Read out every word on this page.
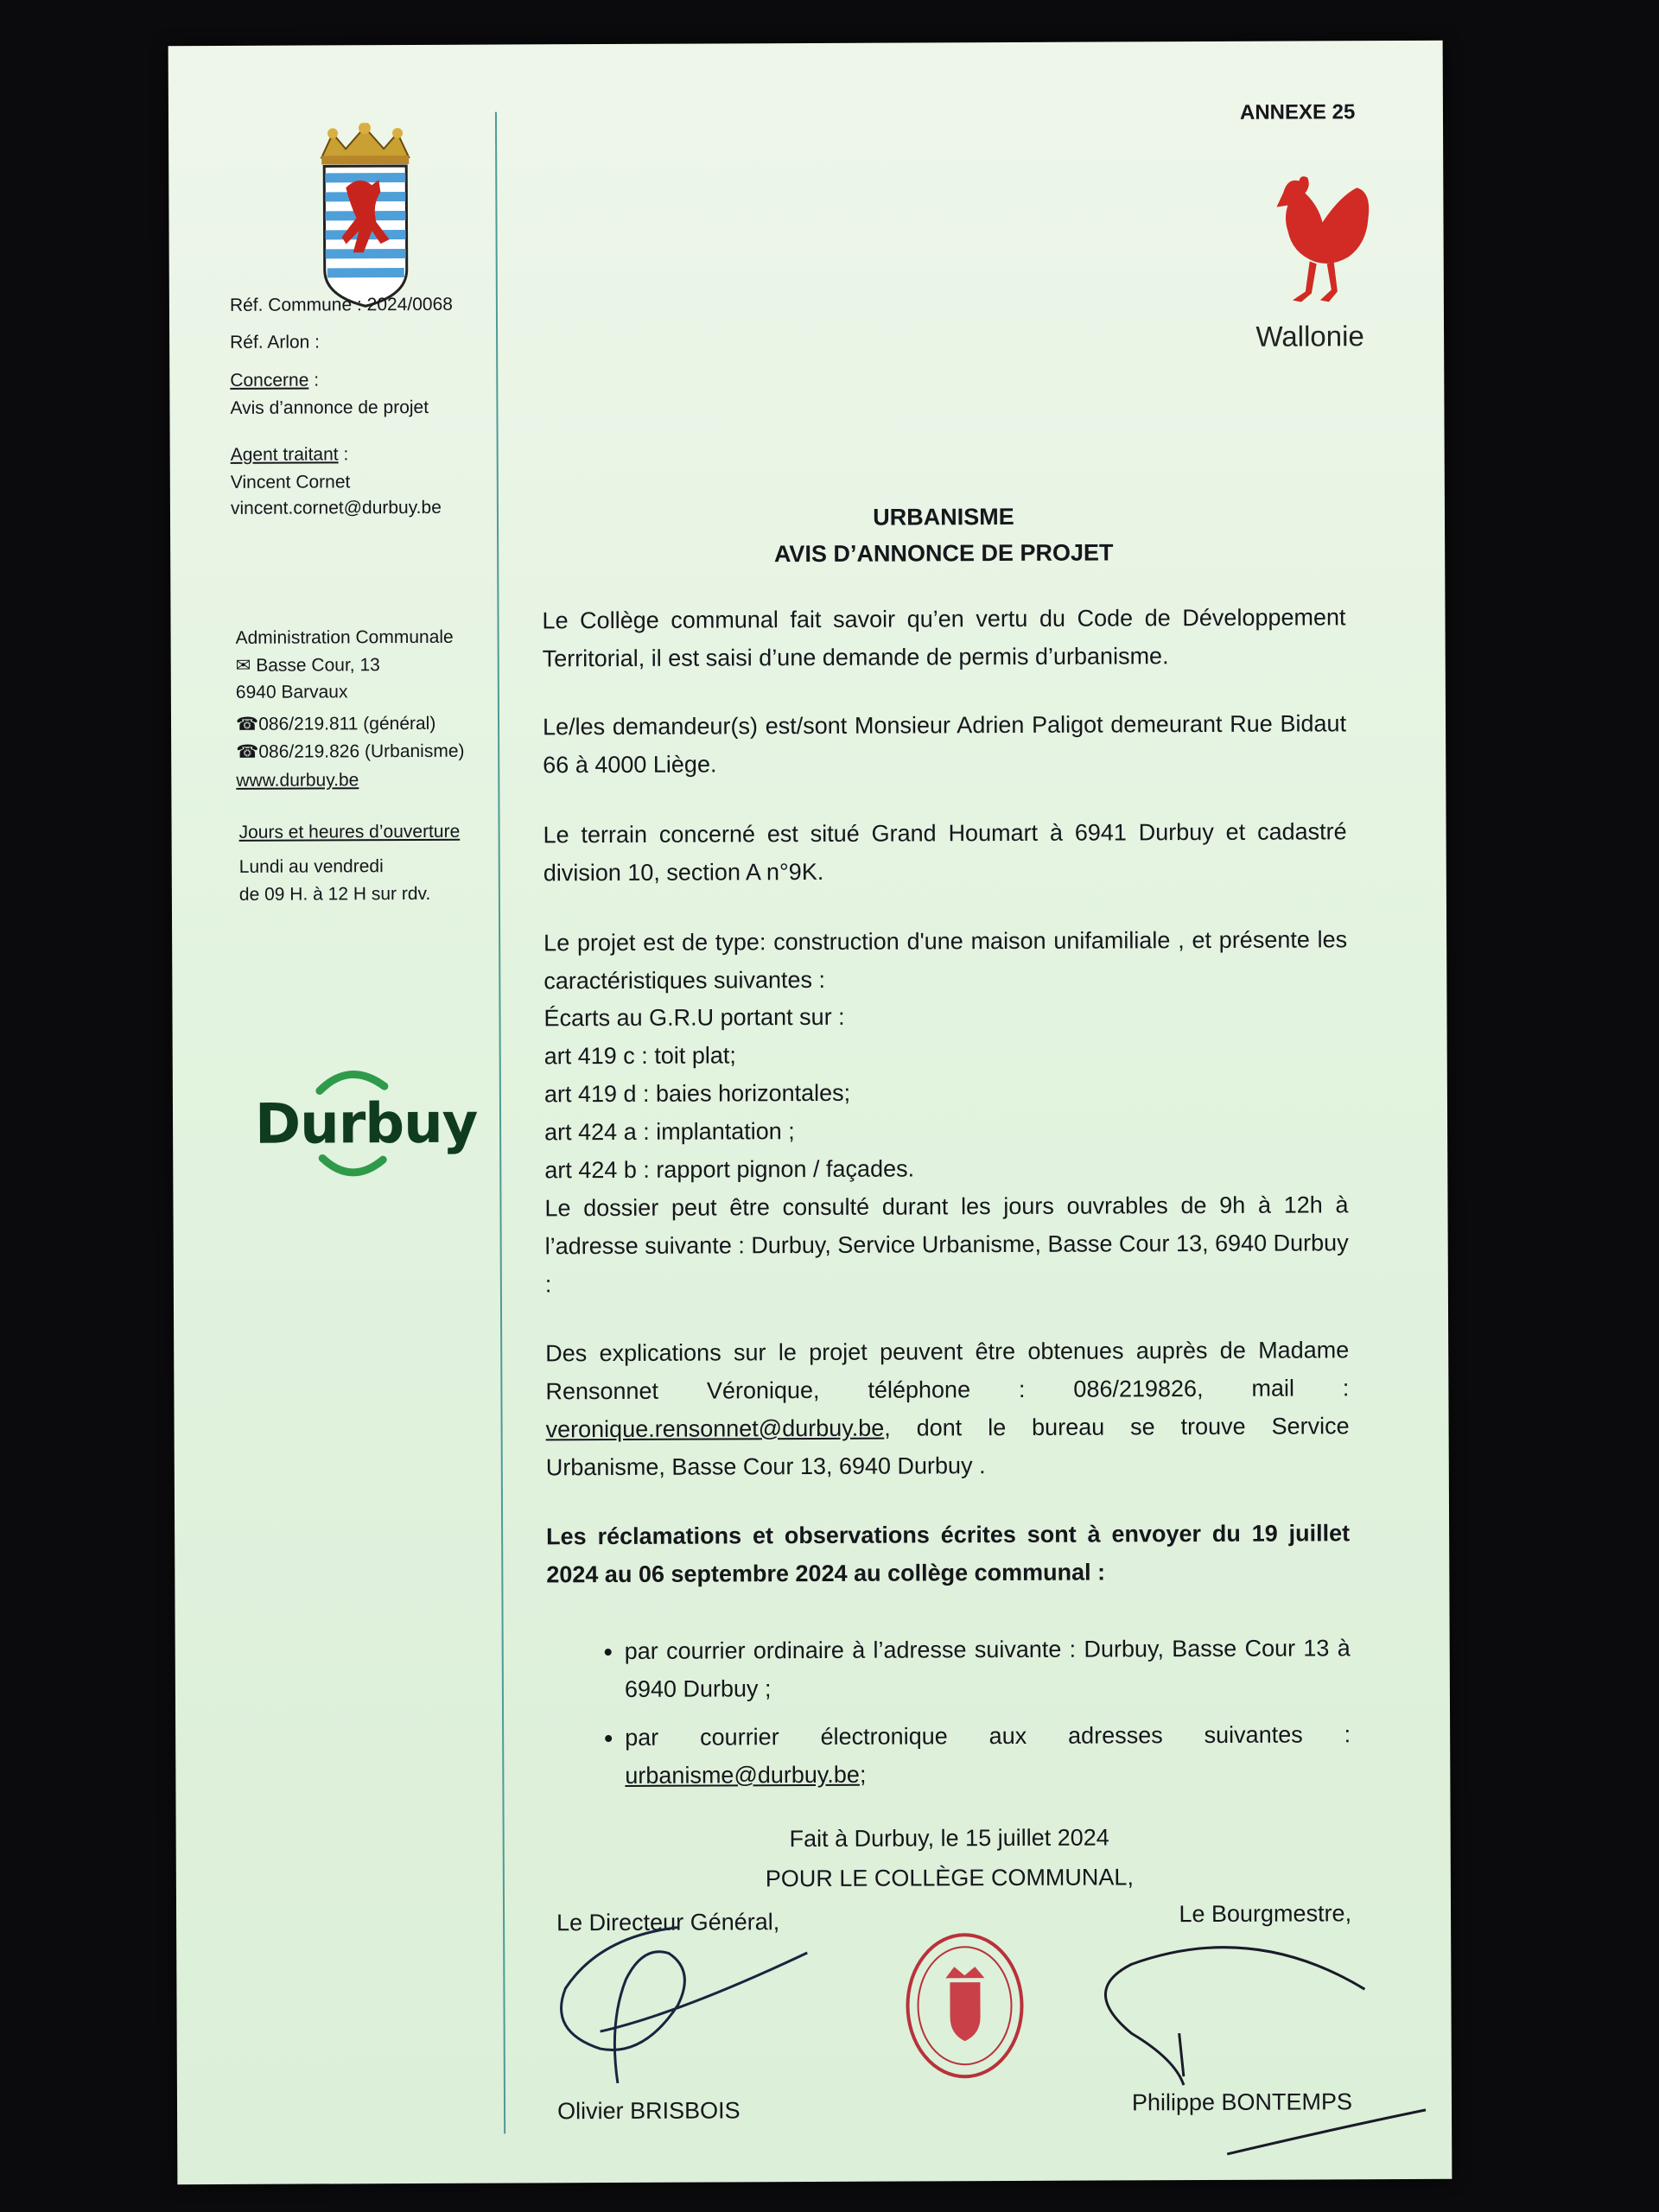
Réf. Commune : 2024/0068
Réf. Arlon :
Concerne :
Avis d’annonce de projet
Agent traitant :
Vincent Cornet
vincent.cornet@durbuy.be
Administration Communale
✉ Basse Cour, 13
6940 Barvaux
☎086/219.811 (général)
☎086/219.826 (Urbanisme)
www.durbuy.be
Jours et heures d’ouverture
Lundi au vendredi
de 09 H. à 12 H sur rdv.
Durbuy
ANNEXE 25
Wallonie
URBANISME
AVIS D’ANNONCE DE PROJET

Le Collège communal fait savoir qu’en vertu du Code de Développement Territorial, il est saisi d’une demande de permis d’urbanisme.

Le/les demandeur(s) est/sont Monsieur Adrien Paligot demeurant Rue Bidaut 66 à 4000 Liège.

Le terrain concerné est situé Grand Houmart à 6941 Durbuy et cadastré division 10, section A n°9K.

Le projet est de type: construction d'une maison unifamiliale , et présente les caractéristiques suivantes :

Écarts au G.R.U portant sur :
art 419 c : toit plat;
art 419 d : baies horizontales;
art 424 a : implantation ;
art 424 b : rapport pignon / façades.

Le dossier peut être consulté durant les jours ouvrables de 9h à 12h à l’adresse suivante : Durbuy, Service Urbanisme, Basse Cour 13, 6940 Durbuy :

Des explications sur le projet peuvent être obtenues auprès de Madame Rensonnet Véronique, téléphone : 086/219826, mail : veronique.rensonnet@durbuy.be, dont le bureau se trouve Service Urbanisme, Basse Cour 13, 6940 Durbuy .

Les réclamations et observations écrites sont à envoyer du 19 juillet 2024 au 06 septembre 2024 au collège communal :

• par courrier ordinaire à l’adresse suivante : Durbuy, Basse Cour 13 à 6940 Durbuy ;
• par courrier électronique aux adresses suivantes : urbanisme@durbuy.be;
Fait à Durbuy, le 15 juillet 2024
POUR LE COLLÈGE COMMUNAL,
Le Directeur Général,	Le Bourgmestre,
Olivier BRISBOIS	Philippe BONTEMPS
